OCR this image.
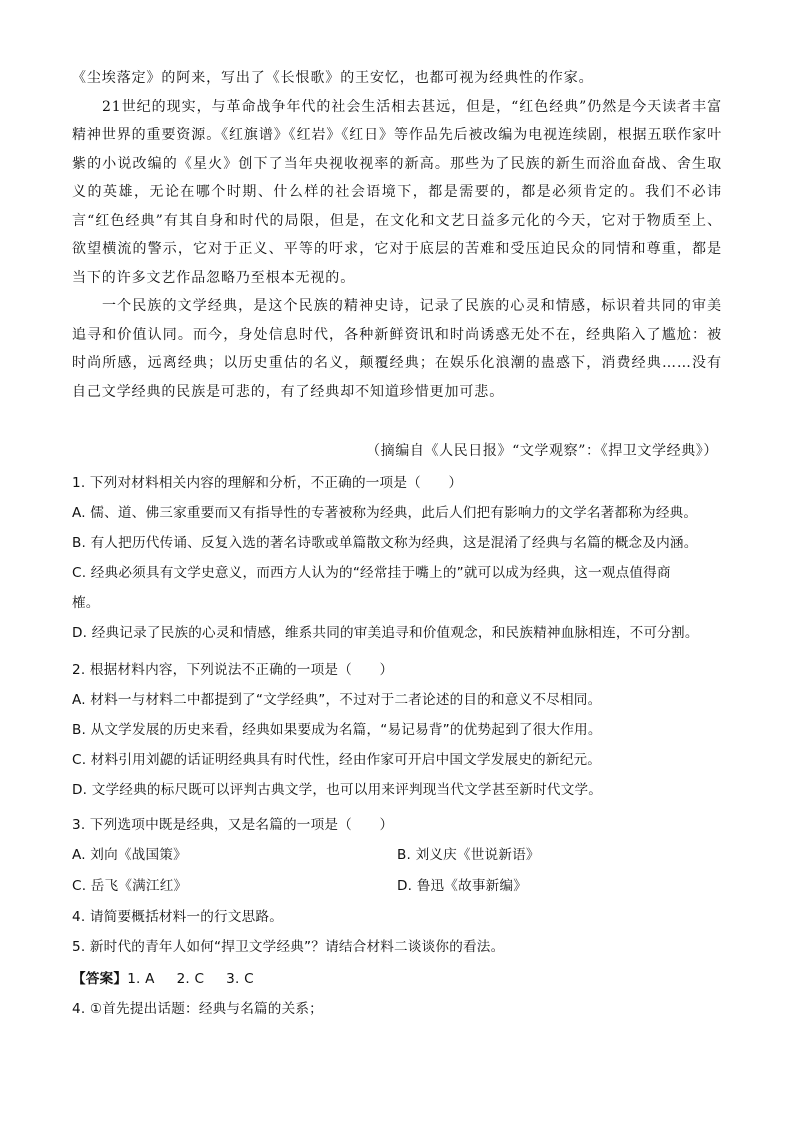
《尘埃落定》的阿来，写出了《长恨歌》的王安忆，也都可视为经典性的作家。

21世纪的现实，与革命战争年代的社会生活相去甚远，但是，“红色经典”仍然是今天读者丰富精神世界的重要资源。《红旗谱》《红岩》《红日》等作品先后被改编为电视连续剧，根据五联作家叶紫的小说改编的《星火》创下了当年央视收视率的新高。那些为了民族的新生而浴血奋战、舍生取义的英雄，无论在哪个时期、什么样的社会语境下，都是需要的，都是必须肯定的。我们不必讳言“红色经典”有其自身和时代的局限，但是，在文化和文艺日益多元化的今天，它对于物质至上、欲望横流的警示，它对于正义、平等的吁求，它对于底层的苦难和受压迫民众的同情和尊重，都是当下的许多文艺作品忽略乃至根本无视的。

一个民族的文学经典，是这个民族的精神史诗，记录了民族的心灵和情感，标识着共同的审美追寻和价值认同。而今，身处信息时代，各种新鲜资讯和时尚诱惑无处不在，经典陷入了尴尬：被时尚所感，远离经典；以历史重估的名义，颠覆经典；在娱乐化浪潮的蛊惑下，消费经典……没有自己文学经典的民族是可悲的，有了经典却不知道珍惜更加可悲。

（摘编自《人民日报》“文学观察”：《捍卫文学经典》）

1. 下列对材料相关内容的理解和分析，不正确的一项是（　　）

A. 儒、道、佛三家重要而又有指导性的专著被称为经典，此后人们把有影响力的文学名著都称为经典。

B. 有人把历代传诵、反复入选的著名诗歌或单篇散文称为经典，这是混淆了经典与名篇的概念及内涵。

C. 经典必须具有文学史意义，而西方人认为的“经常挂于嘴上的”就可以成为经典，这一观点值得商

榷。

D. 经典记录了民族的心灵和情感，维系共同的审美追寻和价值观念，和民族精神血脉相连，不可分割。

2. 根据材料内容，下列说法不正确的一项是（　　）

A. 材料一与材料二中都提到了“文学经典”，不过对于二者论述的目的和意义不尽相同。

B. 从文学发展的历史来看，经典如果要成为名篇，“易记易背”的优势起到了很大作用。

C. 材料引用刘勰的话证明经典具有时代性，经由作家可开启中国文学发展史的新纪元。

D. 文学经典的标尺既可以评判古典文学，也可以用来评判现当代文学甚至新时代文学。

3. 下列选项中既是经典，又是名篇的一项是（　　）

A. 刘向《战国策》	B. 刘义庆《世说新语》
C. 岳飞《满江红》	D. 鲁迅《故事新编》

4. 请简要概括材料一的行文思路。

5. 新时代的青年人如何“捍卫文学经典”？请结合材料二谈谈你的看法。

【答案】1. A 2. C 3. C

4. ①首先提出话题：经典与名篇的关系；
